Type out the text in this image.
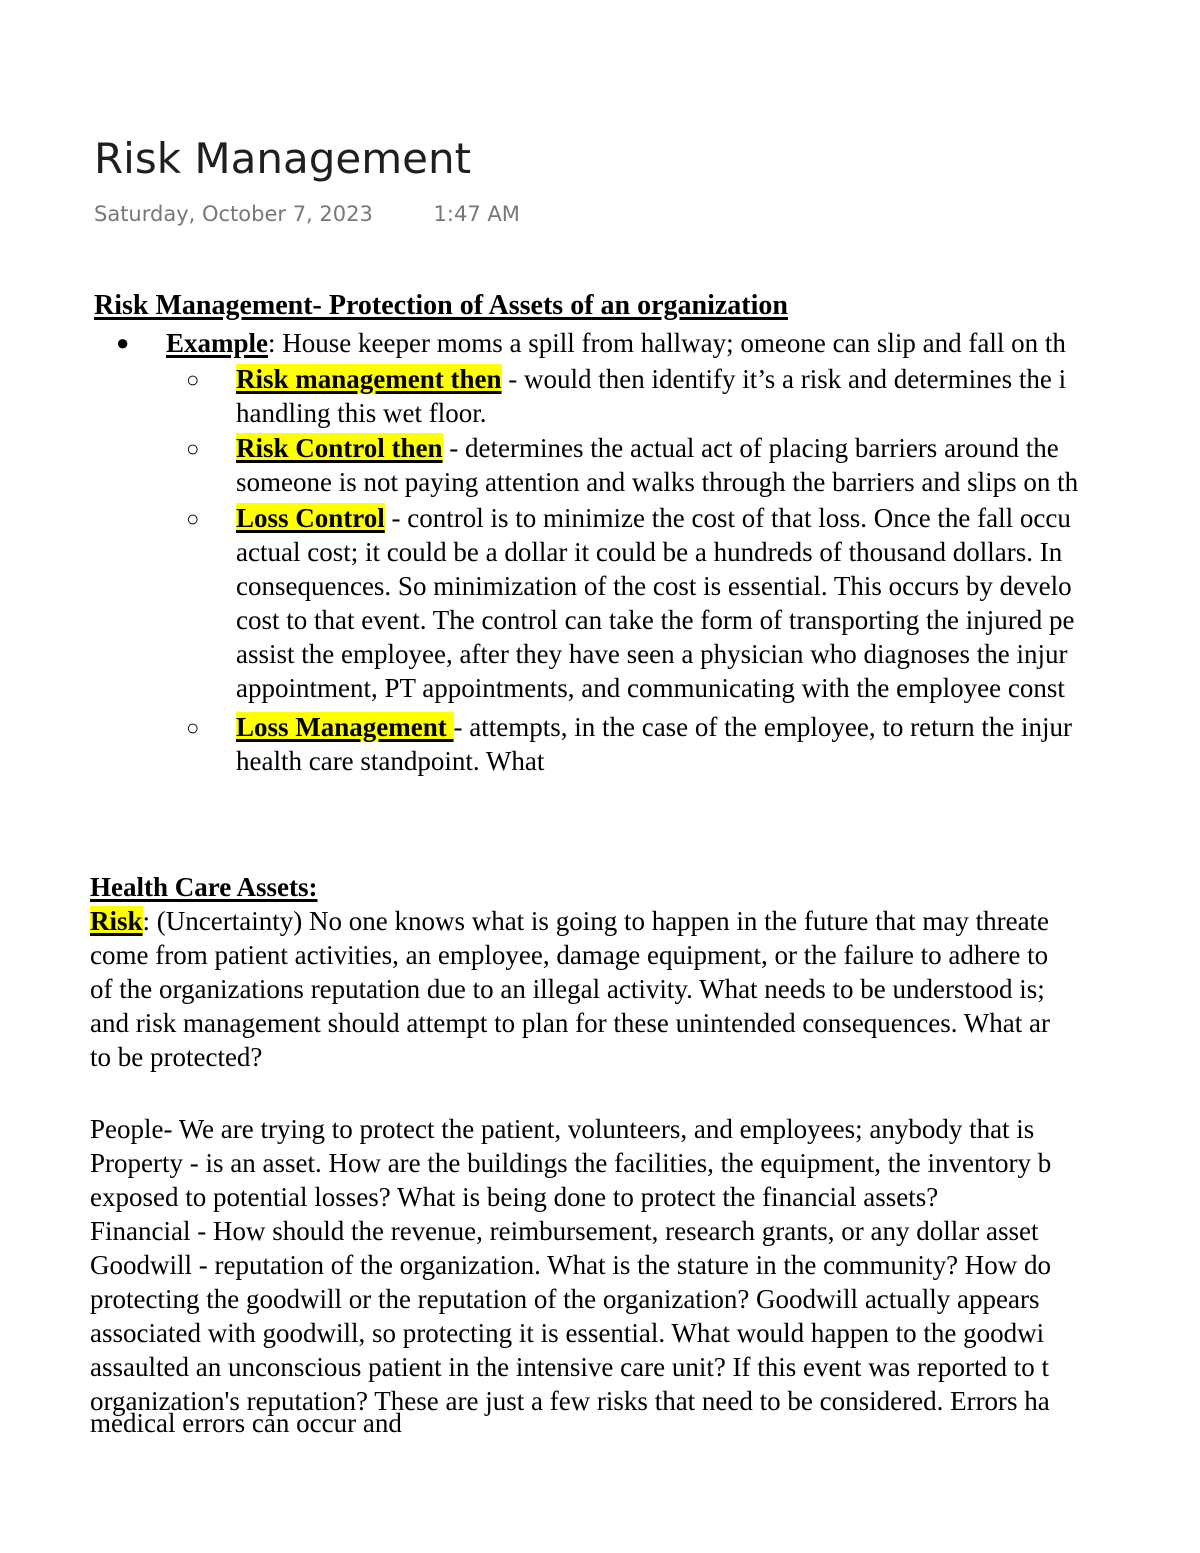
Risk Management
Saturday, October 7, 2023	1:47 AM
Risk Management- Protection of Assets of an organization
● Example: House keeper moms a spill from hallway; omeone can slip and fall on th
○ Risk management then - would then identify it’s a risk and determines the i
handling this wet floor.
○ Risk Control then - determines the actual act of placing barriers around the
someone is not paying attention and walks through the barriers and slips on th
○ Loss Control - control is to minimize the cost of that loss. Once the fall occu
actual cost; it could be a dollar it could be a hundreds of thousand dollars. In
consequences. So minimization of the cost is essential. This occurs by develo
cost to that event. The control can take the form of transporting the injured pe
assist the employee, after they have seen a physician who diagnoses the injur
appointment, PT appointments, and communicating with the employee const
○ Loss Management - attempts, in the case of the employee, to return the injur
health care standpoint. What
Health Care Assets:
Risk: (Uncertainty) No one knows what is going to happen in the future that may threate
come from patient activities, an employee, damage equipment, or the failure to adhere to
of the organizations reputation due to an illegal activity. What needs to be understood is;
and risk management should attempt to plan for these unintended consequences. What ar
to be protected?
People- We are trying to protect the patient, volunteers, and employees; anybody that is
Property - is an asset. How are the buildings the facilities, the equipment, the inventory b
exposed to potential losses? What is being done to protect the financial assets?
Financial - How should the revenue, reimbursement, research grants, or any dollar asset
Goodwill - reputation of the organization. What is the stature in the community? How do
protecting the goodwill or the reputation of the organization? Goodwill actually appears
associated with goodwill, so protecting it is essential. What would happen to the goodwi
assaulted an unconscious patient in the intensive care unit? If this event was reported to t
organization's reputation? These are just a few risks that need to be considered. Errors ha
medical errors can occur and
